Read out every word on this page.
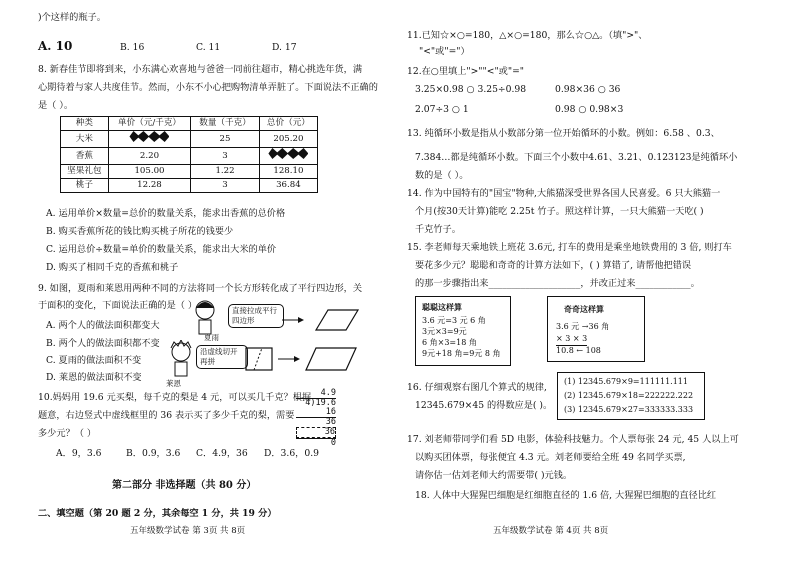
)个这样的瓶子。
A. 10	B. 16	C. 11	D. 17
8. 新春佳节即将到来，小东满心欢喜地与爸爸一同前往超市，精心挑选年货，满
心期待着与家人共度佳节。然而，小东不小心把购物清单弄脏了。下面说法不正确的
是（ ）。
种类	单价（元/千克）	数量（千克）	总价（元）
大米		25	205.20
香蕉	2.20	3	
坚果礼包	105.00	1.22	128.10
桃子	12.28	3	36.84
A. 运用单价×数量=总价的数量关系，能求出香蕉的总价格
B. 购买香蕉所花的钱比购买桃子所花的钱要少
C. 运用总价÷数量=单价的数量关系，能求出大米的单价
D. 购买了相同千克的香蕉和桃子
9. 如图，夏雨和莱恩用两种不同的方法将同一个长方形转化成了平行四边形，关
于面积的变化，下面说法正确的是（ ）
A. 两个人的做法面积都变大
B. 两个人的做法面积都不变
C. 夏雨的做法面积不变
D. 莱恩的做法面积不变
夏雨
直接拉成平行四边形
莱恩
沿虚线切开再拼
10.妈妈用 19.6 元买梨，每千克的梨是 4 元，可以买几千克？根据
题意，右边竖式中虚线框里的 36 表示买了多少千克的梨，需要
多少元？（ ）
4.9
4)19.6
16
36
36
0
A．9，3.6	B．0.9，3.6 C．4.9，36 D．3.6，0.9
第二部分 非选择题（共 80 分）
二、填空题（第 20 题 2 分，其余每空 1 分，共 19 分）
五年级数学试卷 第 3页 共 8页
11.已知☆×○=180，△×○=180，那么☆○△。（填">"、
"<"或"="）
12.在○里填上">""<"或"="
3.25×0.98 ○ 3.25÷0.98	0.98×36 ○ 36
2.07÷3 ○ 1	0.98 ○ 0.98×3
13. 纯循环小数是指从小数部分第一位开始循环的小数。例如：6.58 、0.3、
7.384…都是纯循环小数。下面三个小数中4.61、3.21、0.123123是纯循环小
数的是（ ）。
14. 作为中国特有的"国宝"物种,大熊猫深受世界各国人民喜爱。6 只大熊猫一
个月(按30天计算)能吃 2.25t 竹子。照这样计算，一只大熊猫一天吃( )
千克竹子。
15. 李老师每天乘地铁上班花 3.6元, 打车的费用是乘坐地铁费用的 3 倍, 则打车
要花多少元？聪聪和奇奇的计算方法如下，( ) 算错了, 请帮他把错误
的那一步骤指出来____________________，并改正过来____________。
聪聪这样算
3.6 元=3 元 6 角
3元×3=9元
6 角×3=18 角
9元+18 角=9元 8 角
奇奇这样算
3.6 元 →36 角
× 3 × 3
10.8 ← 108
16. 仔细观察右图几个算式的规律,
12345.679×45 的得数应是( )。
(1) 12345.679×9=111111.111
(2) 12345.679×18=222222.222
(3) 12345.679×27=333333.333
17. 刘老师带同学们看 5D 电影，体验科技魅力。个人票每张 24 元, 45 人以上可
以购买团体票，每张便宜 4.3 元。刘老师要给全班 49 名同学买票,
请你估一估刘老师大约需要带( )元钱。
18. 人体中大猩猩巴细胞是红细胞直径的 1.6 倍, 大猩猩巴细胞的直径比红
五年级数学试卷 第 4页 共 8页
